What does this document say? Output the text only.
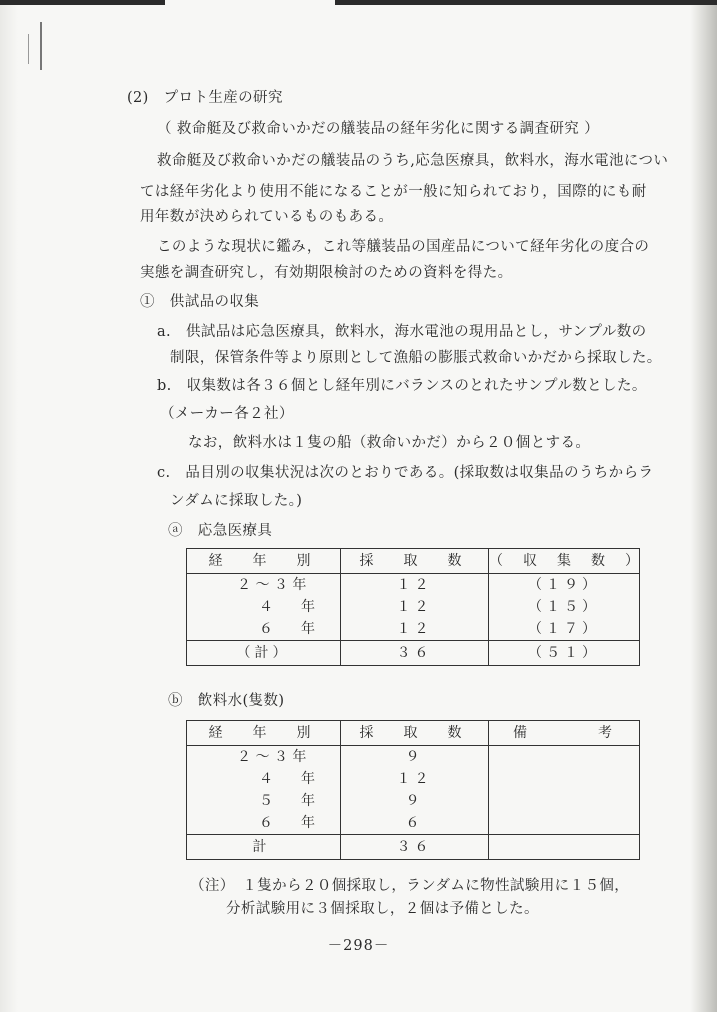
(2)　プロト生産の研究
（ 救命艇及び救命いかだの艤装品の経年劣化に関する調査研究 ）
救命艇及び救命いかだの艤装品のうち,応急医療具，飲料水，海水電池につい
ては経年劣化より使用不能になることが一般に知られており，国際的にも耐
用年数が決められているものもある。
このような現状に鑑み，これ等艤装品の国産品について経年劣化の度合の
実態を調査研究し，有効期限検討のための資料を得た。
①　供試品の収集
a.　供試品は応急医療具，飲料水，海水電池の現用品とし，サンプル数の
制限，保管条件等より原則として漁船の膨脹式救命いかだから採取した。
b.　収集数は各３６個とし経年別にバランスのとれたサンプル数とした。
（メーカー各２社）
なお，飲料水は１隻の船（救命いかだ）から２０個とする。
c.　品目別の収集状況は次のとおりである。(採取数は収集品のうちからラ
ンダムに採取した。)
ⓐ　応急医療具
経　年　別	採　取　数	（　収　集　数　）
２ ～ ３ 年	１２	（１９）
４　　年	１２	（１５）
６　　年	１２	（１７）
（計）	３６	（５１）
ⓑ　飲料水(隻数)
経　年　別	採　取　数	備　　　　考
２ ～ ３ 年	９	
４　　年	１２	
５　　年	９	
６　　年	６	
計	３６	
（注）　１隻から２０個採取し，ランダムに物性試験用に１５個，
分析試験用に３個採取し，２個は予備とした。
－298－
